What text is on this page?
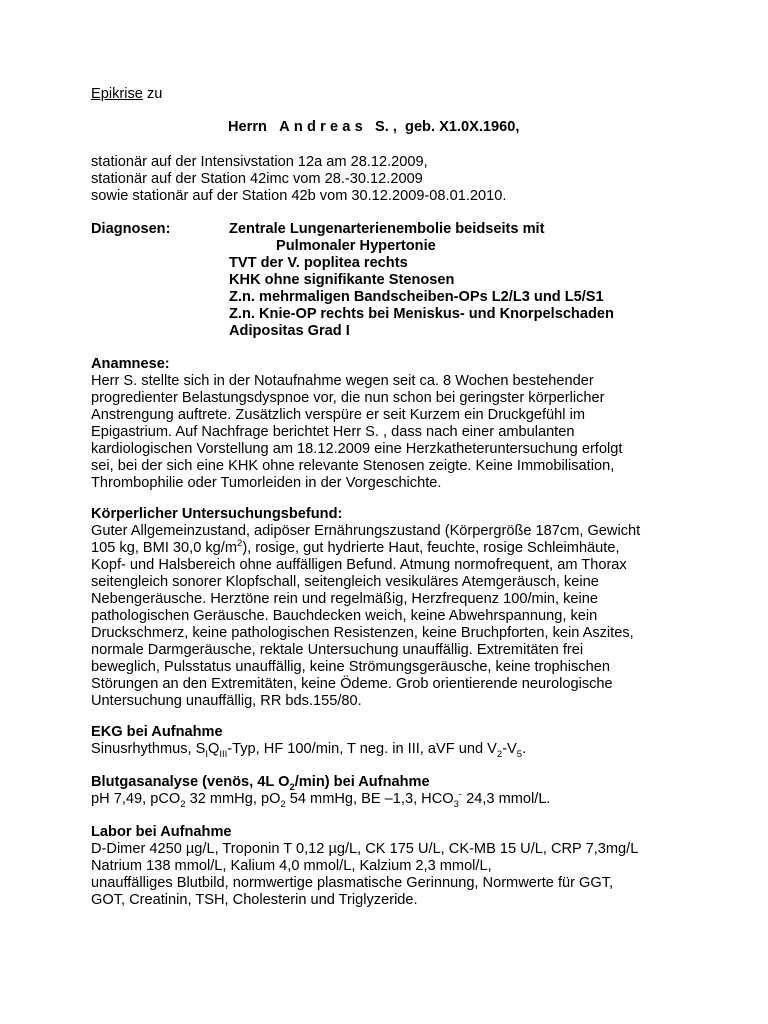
Epikrise zu
Herrn Andreas S. , geb. X1.0X.1960,
stationär auf der Intensivstation 12a am 28.12.2009,
stationär auf der Station 42imc vom 28.-30.12.2009
sowie stationär auf der Station 42b vom 30.12.2009-08.01.2010.
Diagnosen:	Zentrale Lungenarterienembolie beidseits mit
Pulmonaler Hypertonie
TVT der V. poplitea rechts
KHK ohne signifikante Stenosen
Z.n. mehrmaligen Bandscheiben-OPs L2/L3 und L5/S1
Z.n. Knie-OP rechts bei Meniskus- und Knorpelschaden
Adipositas Grad I
Anamnese:
Herr S. stellte sich in der Notaufnahme wegen seit ca. 8 Wochen bestehender
progredienter Belastungsdyspnoe vor, die nun schon bei geringster körperlicher
Anstrengung auftrete. Zusätzlich verspüre er seit Kurzem ein Druckgefühl im
Epigastrium. Auf Nachfrage berichtet Herr S. , dass nach einer ambulanten
kardiologischen Vorstellung am 18.12.2009 eine Herzkatheteruntersuchung erfolgt
sei, bei der sich eine KHK ohne relevante Stenosen zeigte. Keine Immobilisation,
Thrombophilie oder Tumorleiden in der Vorgeschichte.
Körperlicher Untersuchungsbefund:
Guter Allgemeinzustand, adipöser Ernährungszustand (Körpergröße 187cm, Gewicht
105 kg, BMI 30,0 $kg/m^2$), rosige, gut hydrierte Haut, feuchte, rosige Schleimhäute,
Kopf- und Halsbereich ohne auffälligen Befund. Atmung normofrequent, am Thorax
seitengleich sonorer Klopfschall, seitengleich vesikuläres Atemgeräusch, keine
Nebengeräusche. Herztöne rein und regelmäßig, Herzfrequenz 100/min, keine
pathologischen Geräusche. Bauchdecken weich, keine Abwehrspannung, kein
Druckschmerz, keine pathologischen Resistenzen, keine Bruchpforten, kein Aszites,
normale Darmgeräusche, rektale Untersuchung unauffällig. Extremitäten frei
beweglich, Pulsstatus unauffällig, keine Strömungsgeräusche, keine trophischen
Störungen an den Extremitäten, keine Ödeme. Grob orientierende neurologische
Untersuchung unauffällig, RR bds.155/80.
EKG bei Aufnahme
Sinusrhythmus, $S_IQ_{III}$-Typ, HF 100/min, T neg. in III, aVF und $V_2-V_5$.
Blutgasanalyse (venös, 4L $O_2/\min$) bei Aufnahme
pH 7,49, pCO$_2$ 32 mmHg, $pO_2$ 54 mmHg, BE –1,3, $HCO_3^-$ 24,3 mmol/L.
Labor bei Aufnahme
D-Dimer 4250 µg/L, Troponin T 0,12 µg/L, CK 175 U/L, CK-MB 15 U/L, CRP 7,3mg/L
Natrium 138 mmol/L, Kalium 4,0 mmol/L, Kalzium 2,3 mmol/L,
unauffälliges Blutbild, normwertige plasmatische Gerinnung, Normwerte für GGT,
GOT, Creatinin, TSH, Cholesterin und Triglyzeride.
